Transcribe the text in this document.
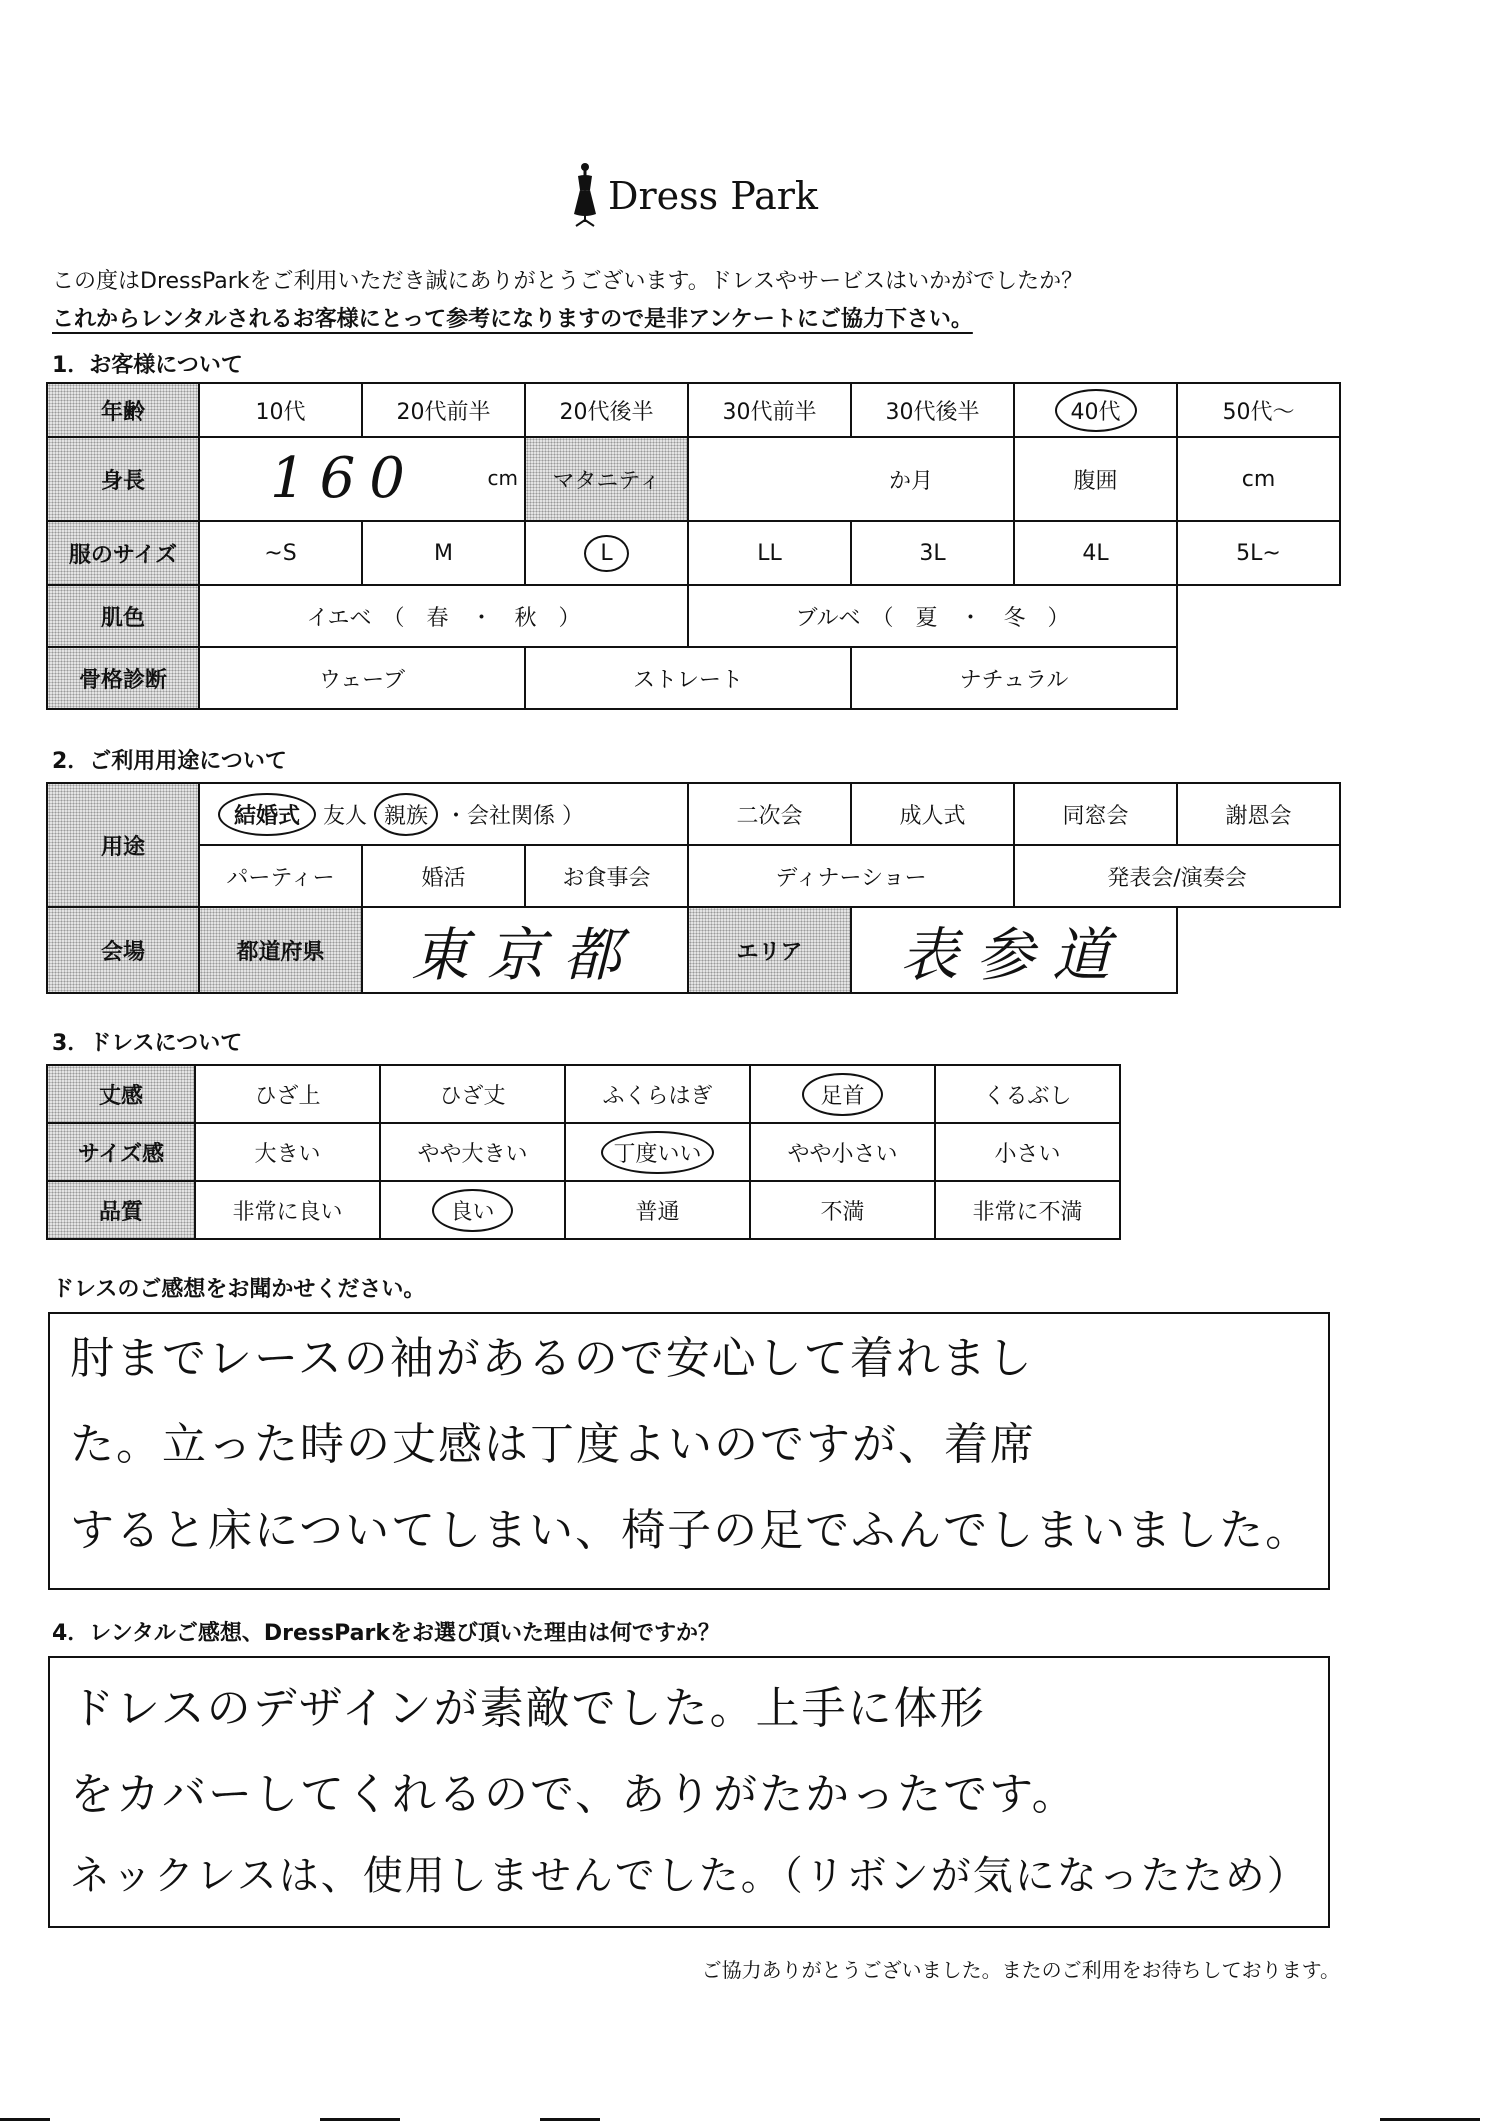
Dress Park
この度はDressParkをご利用いただき誠にありがとうございます。ドレスやサービスはいかがでしたか？
これからレンタルされるお客様にとって参考になりますので是非アンケートにご協力下さい。
1．お客様について
年齢	10代	20代前半	20代後半	30代前半	30代後半	40代	50代～
身長	160 cm		マタニティ	か月		腹囲	cm
服のサイズ	~S	M	L	LL	3L	4L	5L~
肌色	イエベ　（　春　・　秋　）			ブルベ　（　夏　・　冬　）			
骨格診断	ウェーブ		ストレート		ナチュラル		
2．ご利用用途について
用途	結婚式 友人 親族 ・会社関係 ）			二次会	成人式	同窓会	謝恩会
	パーティー	婚活	お食事会	ディナーショー		発表会/演奏会	
会場	都道府県	東京都		エリア	表参道		
3．ドレスについて
丈感	ひざ上	ひざ丈	ふくらはぎ	足首	くるぶし
サイズ感	大きい	やや大きい	丁度いい	やや小さい	小さい
品質	非常に良い	良い	普通	不満	非常に不満
ドレスのご感想をお聞かせください。
肘までレースの袖があるので安心して着れまし
た。立った時の丈感は丁度よいのですが、着席
すると床についてしまい、椅子の足でふんでしまいました。
4．レンタルご感想、DressParkをお選び頂いた理由は何ですか？
ドレスのデザインが素敵でした。上手に体形
をカバーしてくれるので、ありがたかったです。
ネックレスは、使用しませんでした。（リボンが気になったため）
ご協力ありがとうございました。またのご利用をお待ちしております。
